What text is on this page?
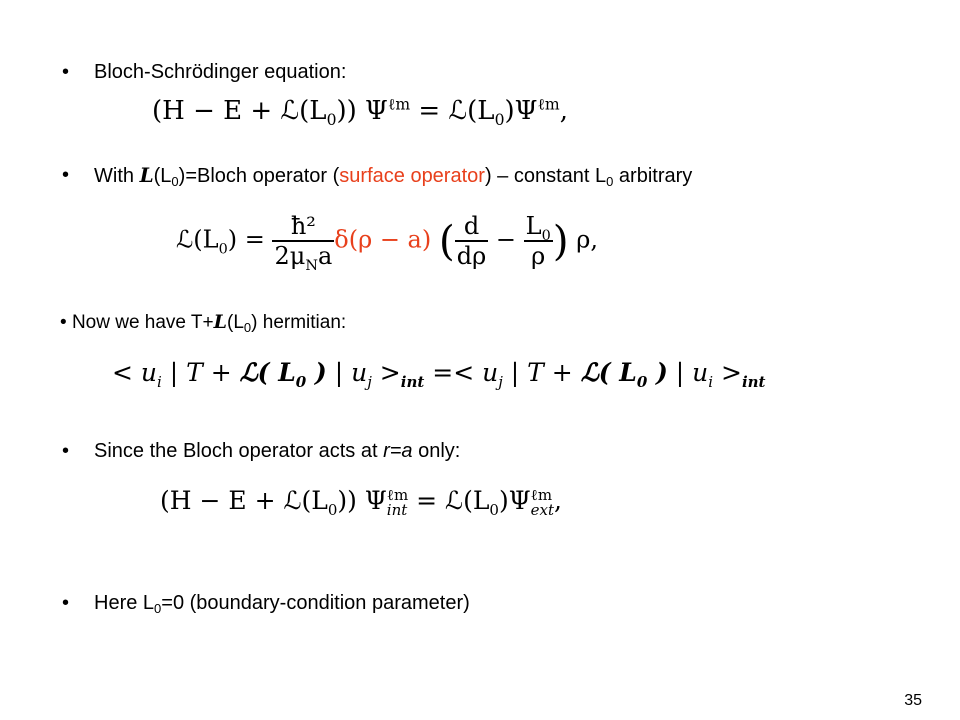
• Bloch-Schrödinger equation:
$(H - E + ℒ(L_0))$ $\Psi^{\ell m}$ = $ℒ(L_0)\Psi^{\ell m}$,
• With $L(L_0)=Bloch$ operator (surface operator) – constant $L_0$ arbitrary
$ℒ(L_0) = \frac{\text{ħ²}}{2\mu_Na} \delta(\rho - a)$ ( $\frac{d}{d\rho} - \frac{L_0}{\rho}$ ) ρ,
• Now we have $T+L(L_0)$ hermitian:
< $u_i$ | T + ℒ( $L_0$ ) | $u_j >_{int} =< u_j$ | T + ℒ( $L_0$ ) | $u_i >_{int}$
• Since the Bloch operator acts at r=a only:
$(H - E + ℒ(L_0))$ Ψ ℓm
int = $ℒ(L_0)\Psi$ ℓm
ext ,
• Here $L_0=0$ (boundary-condition parameter)
35
